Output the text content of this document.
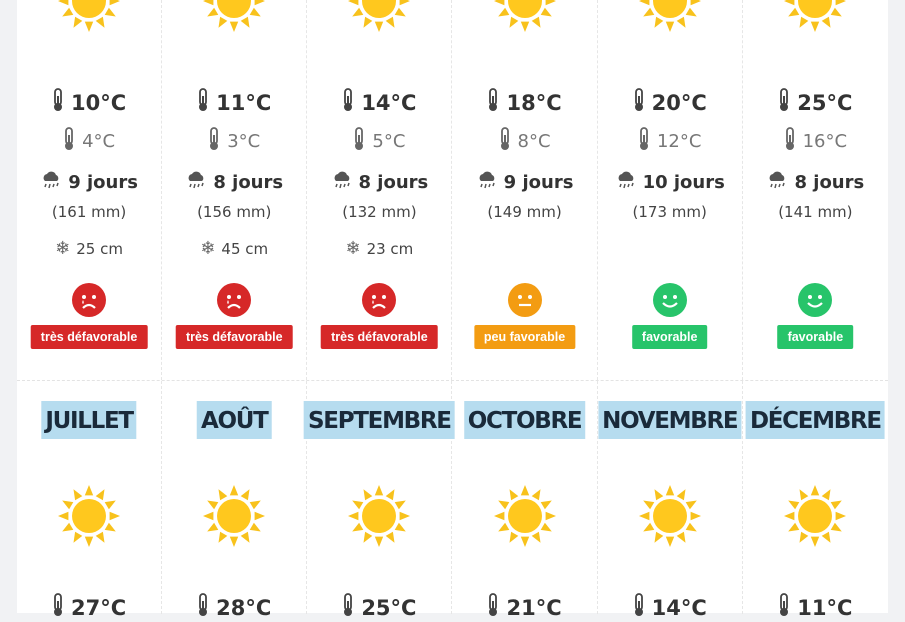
10°C
4°C
9 jours
(161 mm)
❄ 25 cm
très défavorable
11°C
3°C
8 jours
(156 mm)
❄ 45 cm
très défavorable
14°C
5°C
8 jours
(132 mm)
❄ 23 cm
très défavorable
18°C
8°C
9 jours
(149 mm)
peu favorable
20°C
12°C
10 jours
(173 mm)
favorable
25°C
16°C
8 jours
(141 mm)
favorable
JUILLET
27°C
AOÛT
28°C
SEPTEMBRE
25°C
OCTOBRE
21°C
NOVEMBRE
14°C
DÉCEMBRE
11°C
